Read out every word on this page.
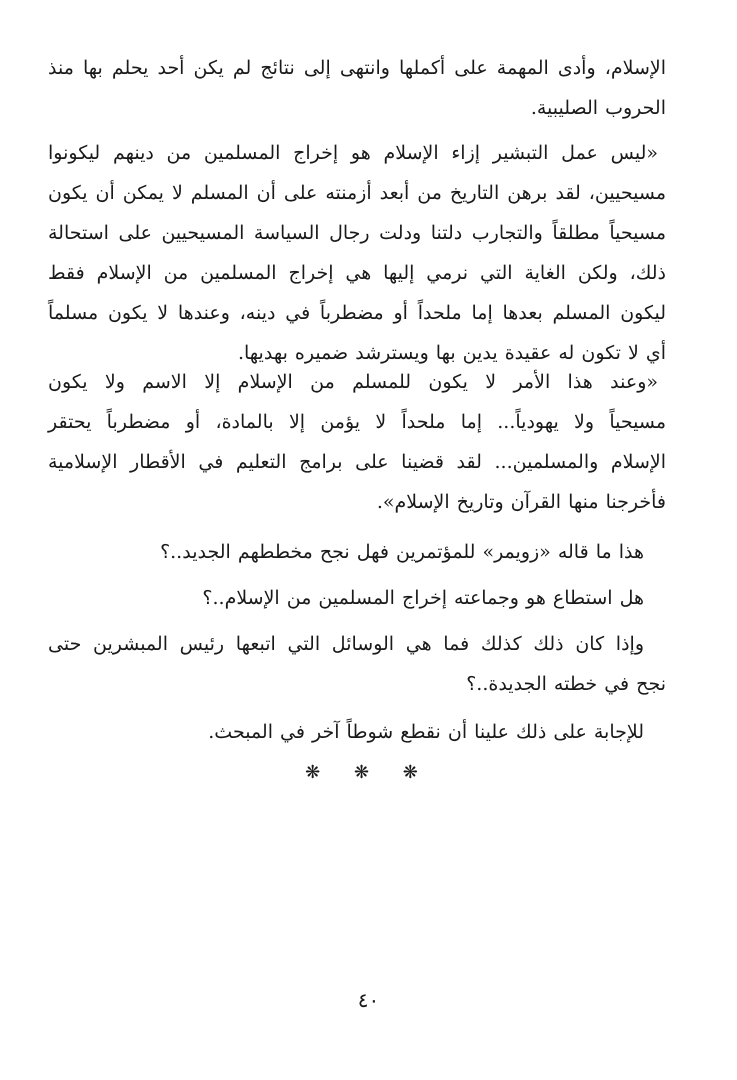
الإسلام، وأدى المهمة على أكملها وانتهى إلى نتائج لم يكن أحد يحلم بها منذ
الحروب الصليبية.
«ليس عمل التبشير إزاء الإسلام هو إخراج المسلمين من دينهم ليكونوا
مسيحيين، لقد برهن التاريخ من أبعد أزمنته على أن المسلم لا يمكن أن يكون
مسيحياً مطلقاً والتجارب دلتنا ودلت رجال السياسة المسيحيين على استحالة
ذلك، ولكن الغاية التي نرمي إليها هي إخراج المسلمين من الإسلام فقط
ليكون المسلم بعدها إما ملحداً أو مضطرباً في دينه، وعندها لا يكون مسلماً
أي لا تكون له عقيدة يدين بها ويسترشد ضميره بهديها.
«وعند هذا الأمر لا يكون للمسلم من الإسلام إلا الاسم ولا يكون
مسيحياً ولا يهودياً... إما ملحداً لا يؤمن إلا بالمادة، أو مضطرباً يحتقر
الإسلام والمسلمين... لقد قضينا على برامج التعليم في الأقطار الإسلامية
فأخرجنا منها القرآن وتاريخ الإسلام».
هذا ما قاله «زويمر» للمؤتمرين فهل نجح مخططهم الجديد..؟
هل استطاع هو وجماعته إخراج المسلمين من الإسلام..؟
وإذا كان ذلك كذلك فما هي الوسائل التي اتبعها رئيس المبشرين حتى
نجح في خطته الجديدة..؟
للإجابة على ذلك علينا أن نقطع شوطاً آخر في المبحث.
❋ ❋ ❋
٤٠
